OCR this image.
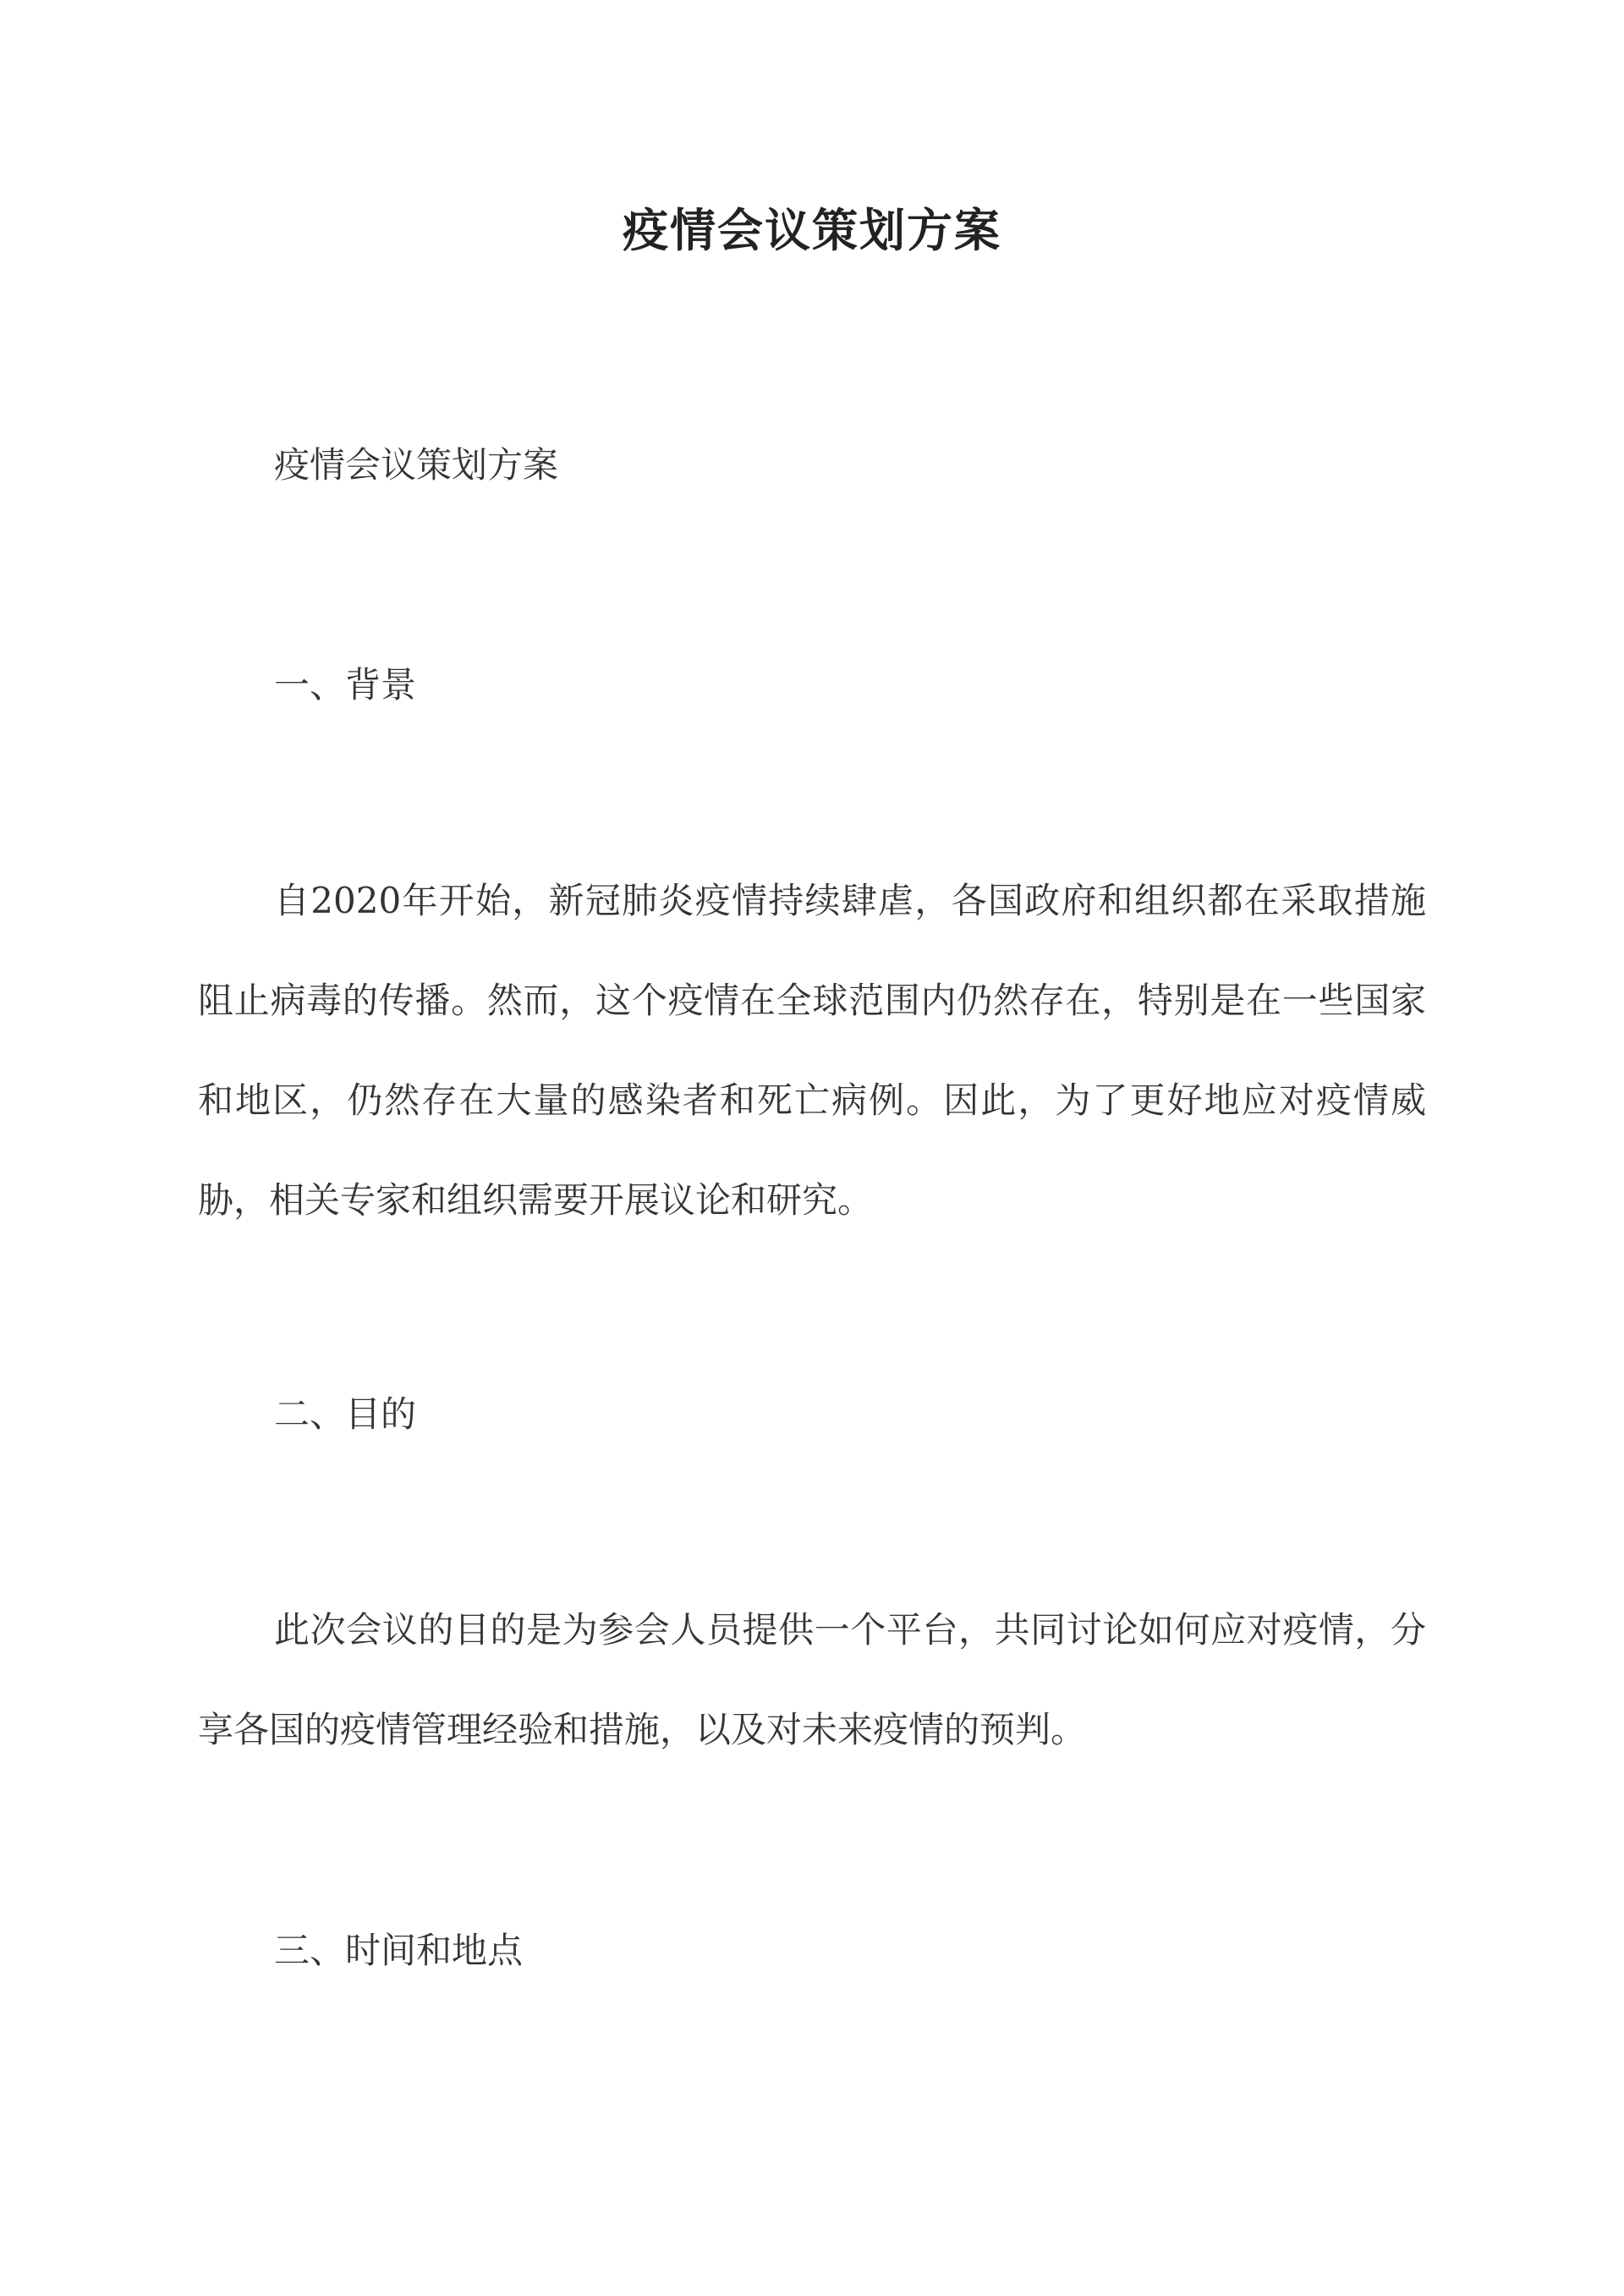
疫情会议策划方案
疫情会议策划方案
一、背景
自2020年开始，新冠肺炎疫情持续肆虐，各国政府和组织都在采取措施阻止病毒的传播。然而，这个疫情在全球范围内仍然存在，特别是在一些国家和地区，仍然存在大量的感染者和死亡病例。因此，为了更好地应对疫情威胁，相关专家和组织需要开展议论和研究。
二、目的
此次会议的目的是为参会人员提供一个平台，共同讨论如何应对疫情，分享各国的疫情管理经验和措施，以及对未来疫情的预判。
三、时间和地点
